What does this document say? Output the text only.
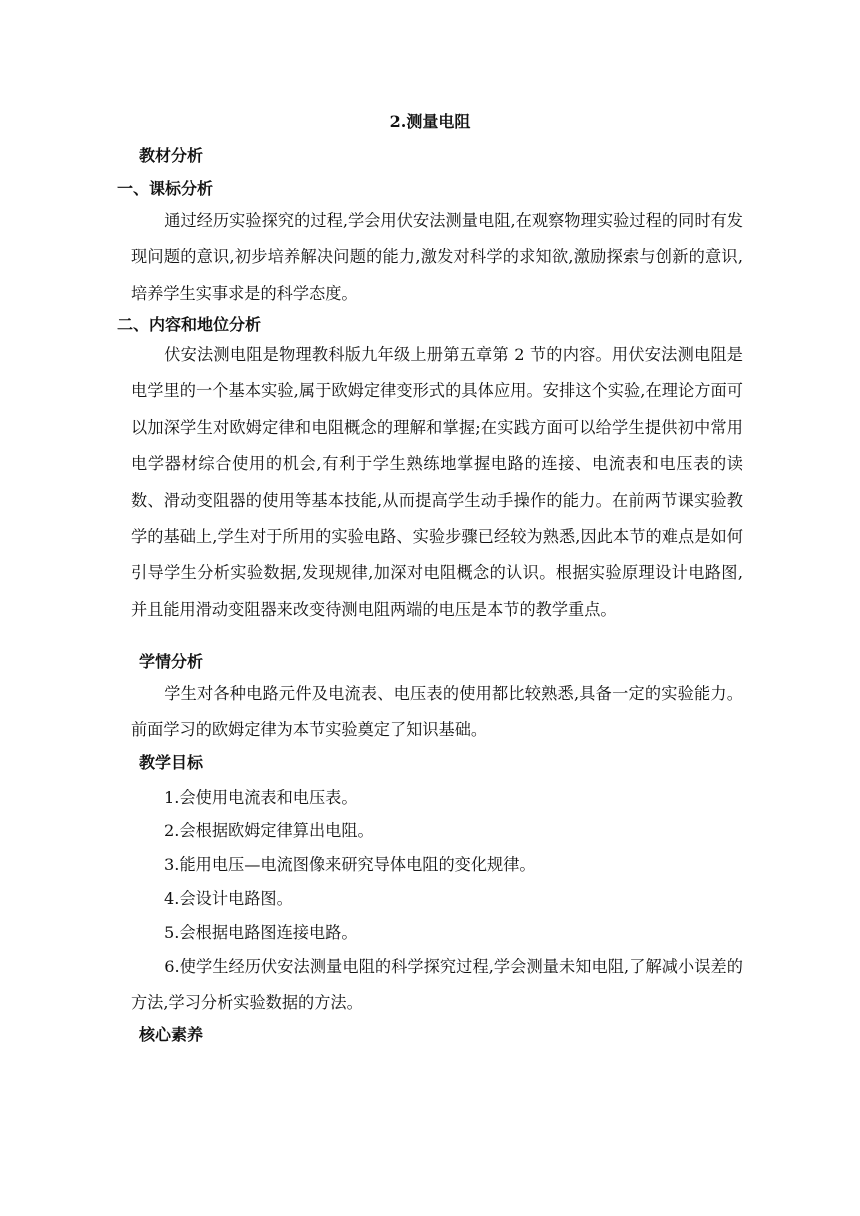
2.测量电阻
教材分析
一、课标分析
通过经历实验探究的过程,学会用伏安法测量电阻,在观察物理实验过程的同时有发现问题的意识,初步培养解决问题的能力,激发对科学的求知欲,激励探索与创新的意识,培养学生实事求是的科学态度。
二、内容和地位分析
伏安法测电阻是物理教科版九年级上册第五章第 2 节的内容。用伏安法测电阻是电学里的一个基本实验,属于欧姆定律变形式的具体应用。安排这个实验,在理论方面可以加深学生对欧姆定律和电阻概念的理解和掌握;在实践方面可以给学生提供初中常用电学器材综合使用的机会,有利于学生熟练地掌握电路的连接、电流表和电压表的读数、滑动变阻器的使用等基本技能,从而提高学生动手操作的能力。在前两节课实验教学的基础上,学生对于所用的实验电路、实验步骤已经较为熟悉,因此本节的难点是如何引导学生分析实验数据,发现规律,加深对电阻概念的认识。根据实验原理设计电路图,并且能用滑动变阻器来改变待测电阻两端的电压是本节的教学重点。
学情分析
学生对各种电路元件及电流表、电压表的使用都比较熟悉,具备一定的实验能力。前面学习的欧姆定律为本节实验奠定了知识基础。
教学目标
1.会使用电流表和电压表。
2.会根据欧姆定律算出电阻。
3.能用电压—电流图像来研究导体电阻的变化规律。
4.会设计电路图。
5.会根据电路图连接电路。
6.使学生经历伏安法测量电阻的科学探究过程,学会测量未知电阻,了解减小误差的方法,学习分析实验数据的方法。
核心素养
